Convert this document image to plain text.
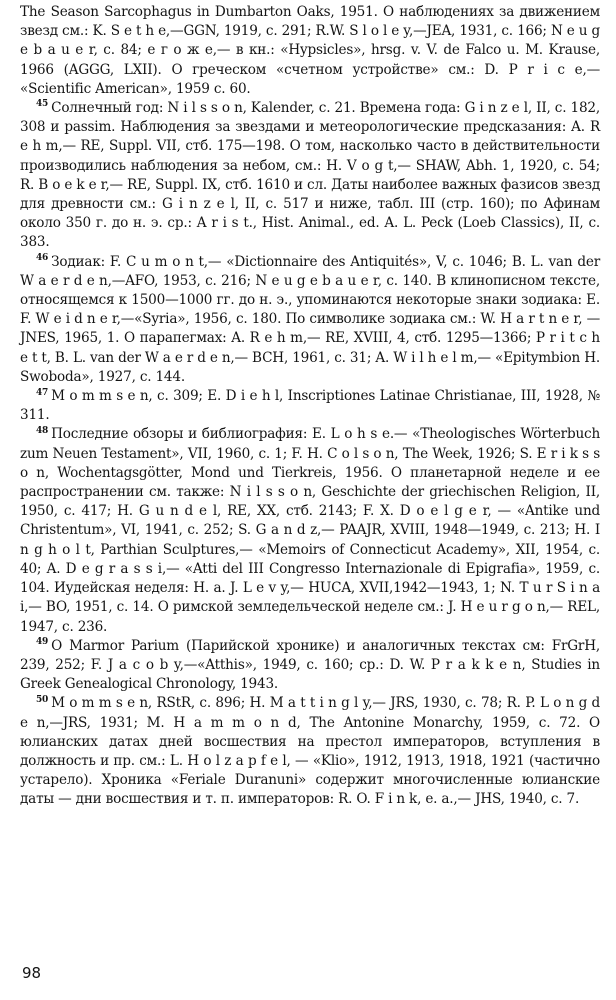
The Season Sarcophagus in Dumbarton Oaks, 1951. О наблюдениях за движением звезд см.: K. S e t h e,—GGN, 1919, с. 291; R.W. S l o l e y,—JEA, 1931, с. 166; N e u g e b a u e r, с. 84; e г о ж е,— в кн.: «Hypsicles», hrsg. v. V. de Falco u. M. Krause, 1966 (AGGG, LXII). О греческом «счетном устройстве» см.: D. P r i c e,— «Scientific American», 1959 с. 60.

$^{45}$ Солнечный год: N i l s s o n, Kalender, с. 21. Времена года: G i n z e l, II, с. 182, 308 и passim. Наблюдения за звездами и метеорологические предсказания: A. R e h m,— RE, Suppl. VII, стб. 175—198. О том, насколько часто в действительности производились наблюдения за небом, см.: H. V o g t,— SHAW, Abh. 1, 1920, с. 54; R. B o e k e r,— RE, Suppl. IX, стб. 1610 и сл. Даты наиболее важных фазисов звезд для древности см.: G i n z e l, II, с. 517 и ниже, табл. III (стр. 160); по Афинам около 350 г. до н. э. ср.: A r i s t., Hist. Animal., ed. A. L. Peck (Loeb Classics), II, с. 383.

$^{46}$ Зодиак: F. C u m o n t,— «Dictionnaire des Antiquités», V, с. 1046; B. L. van der W a e r d e n,—AFO, 1953, с. 216; N e u g e b a u e r, с. 140. В клинописном тексте, относящемся к 1500—1000 гг. до н. э., упоминаются некоторые знаки зодиака: E. F. W e i d n e r,—«Syria», 1956, с. 180. По символике зодиака см.: W. H a r t n e r, — JNES, 1965, 1. О парапегмах: A. R e h m,— RE, XVIII, 4, стб. 1295—1366; P r i t c h e t t, B. L. van der W a e r d e n,— BCH, 1961, с. 31; A. W i l h e l m,— «Epitymbion H. Swoboda», 1927, с. 144.

$^{47}$ M o m m s e n, с. 309; E. D i e h l, Inscriptiones Latinae Christianae, III, 1928, № 311.

$^{48}$ Последние обзоры и библиография: E. L o h s e.— «Theologisches Wörterbuch zum Neuen Testament», VII, 1960, с. 1; F. H. C o l s o n, The Week, 1926; S. E r i k s s o n, Wochentagsgötter, Mond und Tierkreis, 1956. О планетарной неделе и ее распространении см. также: N i l s s o n, Geschichte der griechischen Religion, II, 1950, с. 417; H. G u n d e l, RE, XX, стб. 2143; F. X. D o e l g e r, — «Antike und Christentum», VI, 1941, с. 252; S. G a n d z,— PAAJR, XVIII, 1948—1949, с. 213; H. I n g h o l t, Parthian Sculptures,— «Memoirs of Connecticut Academy», XII, 1954, с. 40; A. D e g r a s s i,— «Atti del III Congresso Internazionale di Epigrafia», 1959, с. 104. Иудейская неделя: H. a. J. L e v y,— HUCA, XVII,1942—1943, 1; N. T u r S i n a i,— BO, 1951, с. 14. О римской земледельческой неделе см.: J. H e u r g o n,— REL, 1947, с. 236.

$^{49}$ О Marmor Parium (Парийской хронике) и аналогичных текстах см: FrGrH, 239, 252; F. J a c o b y,—«Atthis», 1949, с. 160; ср.: D. W. P r a k k e n, Studies in Greek Genealogical Chronology, 1943.

$^{50}$ M o m m s e n, RStR, с. 896; H. M a t t i n g l y,— JRS, 1930, с. 78; R. P. L o n g d e n,—JRS, 1931; M. H a m m o n d, The Antonine Monarchy, 1959, с. 72. О юлианских датах дней восшествия на престол императоров, вступления в должность и пр. см.: L. H o l z a p f e l, — «Klio», 1912, 1913, 1918, 1921 (частично устарело). Хроника «Feriale Duranuni» содержит многочисленные юлианские даты — дни восшествия и т. п. императоров: R. O. F i n k, e. a.,— JHS, 1940, с. 7.

98
